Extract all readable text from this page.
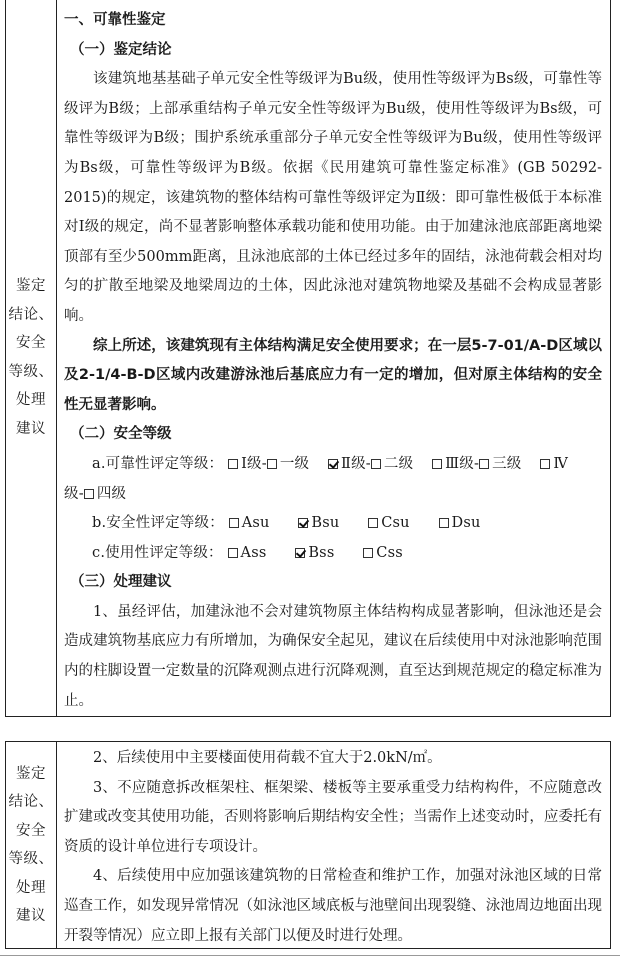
鉴定
结论、
安全
等级、
处理
建议
一、可靠性鉴定
（一）鉴定结论
该建筑地基基础子单元安全性等级评为Bu级，使用性等级评为Bs级，可靠性等级评为B级；上部承重结构子单元安全性等级评为Bu级，使用性等级评为Bs级，可靠性等级评为B级；围护系统承重部分子单元安全性等级评为Bu级，使用性等级评为Bs级，可靠性等级评为B级。依据《民用建筑可靠性鉴定标准》(GB 50292-2015)的规定，该建筑物的整体结构可靠性等级评定为Ⅱ级：即可靠性极低于本标准对Ⅰ级的规定，尚不显著影响整体承载功能和使用功能。由于加建泳池底部距离地梁顶部有至少500mm距离，且泳池底部的土体已经过多年的固结，泳池荷载会相对均匀的扩散至地梁及地梁周边的土体，因此泳池对建筑物地梁及基础不会构成显著影响。
综上所述，该建筑现有主体结构满足安全使用要求；在一层5-7-01/A-D区域以及2-1/4-B-D区域内改建游泳池后基底应力有一定的增加，但对原主体结构的安全性无显著影响。
（二）安全等级
a.可靠性评定等级： Ⅰ级- 一级 Ⅱ级- 二级 Ⅲ级- 三级 Ⅳ
级- 四级
b.安全性评定等级： Asu	Bsu	Csu	Dsu
c.使用性评定等级： Ass	Bss	Css
（三）处理建议
1、虽经评估，加建泳池不会对建筑物原主体结构构成显著影响，但泳池还是会造成建筑物基底应力有所增加，为确保安全起见，建议在后续使用中对泳池影响范围内的柱脚设置一定数量的沉降观测点进行沉降观测，直至达到规范规定的稳定标准为止。
鉴定
结论、
安全
等级、
处理
建议
2、后续使用中主要楼面使用荷载不宜大于2.0kN/㎡。
3、不应随意拆改框架柱、框架梁、楼板等主要承重受力结构构件，不应随意改扩建或改变其使用功能，否则将影响后期结构安全性；当需作上述变动时，应委托有资质的设计单位进行专项设计。
4、后续使用中应加强该建筑物的日常检查和维护工作，加强对泳池区域的日常巡查工作，如发现异常情况（如泳池区域底板与池壁间出现裂缝、泳池周边地面出现开裂等情况）应立即上报有关部门以便及时进行处理。
